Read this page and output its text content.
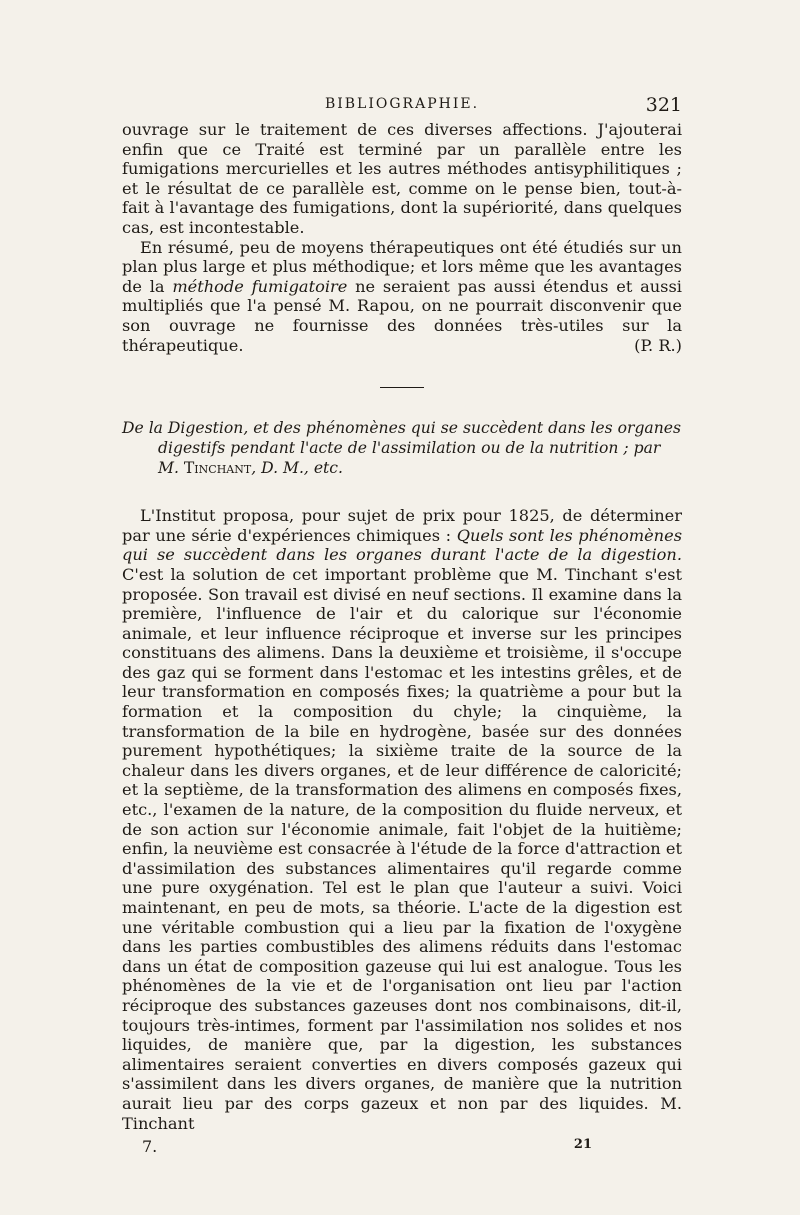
BIBLIOGRAPHIE.	321

ouvrage sur le traitement de ces diverses affections. J'ajouterai enfin que ce Traité est terminé par un parallèle entre les fumigations mercurielles et les autres méthodes antisyphilitiques ; et le résultat de ce parallèle est, comme on le pense bien, tout-à-fait à l'avantage des fumigations, dont la supériorité, dans quelques cas, est incontestable.

En résumé, peu de moyens thérapeutiques ont été étudiés sur un plan plus large et plus méthodique; et lors même que les avantages de la méthode fumigatoire ne seraient pas aussi étendus et aussi multipliés que l'a pensé M. Rapou, on ne pourrait disconvenir que son ouvrage ne fournisse des données très-utiles sur la thérapeutique.	(P. R.)

De la Digestion, et des phénomènes qui se succèdent dans les organes
digestifs pendant l'acte de l'assimilation ou de la nutrition ; par
M. Tinchant, D. M., etc.

L'Institut proposa, pour sujet de prix pour 1825, de déterminer par une série d'expériences chimiques : Quels sont les phénomènes qui se succèdent dans les organes durant l'acte de la digestion. C'est la solution de cet important problème que M. Tinchant s'est proposée. Son travail est divisé en neuf sections. Il examine dans la première, l'influence de l'air et du calorique sur l'économie animale, et leur influence réciproque et inverse sur les principes constituans des alimens. Dans la deuxième et troisième, il s'occupe des gaz qui se forment dans l'estomac et les intestins grêles, et de leur transformation en composés fixes; la quatrième a pour but la formation et la composition du chyle; la cinquième, la transformation de la bile en hydrogène, basée sur des données purement hypothétiques; la sixième traite de la source de la chaleur dans les divers organes, et de leur différence de caloricité; et la septième, de la transformation des alimens en composés fixes, etc., l'examen de la nature, de la composition du fluide nerveux, et de son action sur l'économie animale, fait l'objet de la huitième; enfin, la neuvième est consacrée à l'étude de la force d'attraction et d'assimilation des substances alimentaires qu'il regarde comme une pure oxygénation. Tel est le plan que l'auteur a suivi. Voici maintenant, en peu de mots, sa théorie. L'acte de la digestion est une véritable combustion qui a lieu par la fixation de l'oxygène dans les parties combustibles des alimens réduits dans l'estomac dans un état de composition gazeuse qui lui est analogue. Tous les phénomènes de la vie et de l'organisation ont lieu par l'action réciproque des substances gazeuses dont nos combinaisons, dit-il, toujours très-intimes, forment par l'assimilation nos solides et nos liquides, de manière que, par la digestion, les substances alimentaires seraient converties en divers composés gazeux qui s'assimilent dans les divers organes, de manière que la nutrition aurait lieu par des corps gazeux et non par des liquides. M. Tinchant

7.	21
